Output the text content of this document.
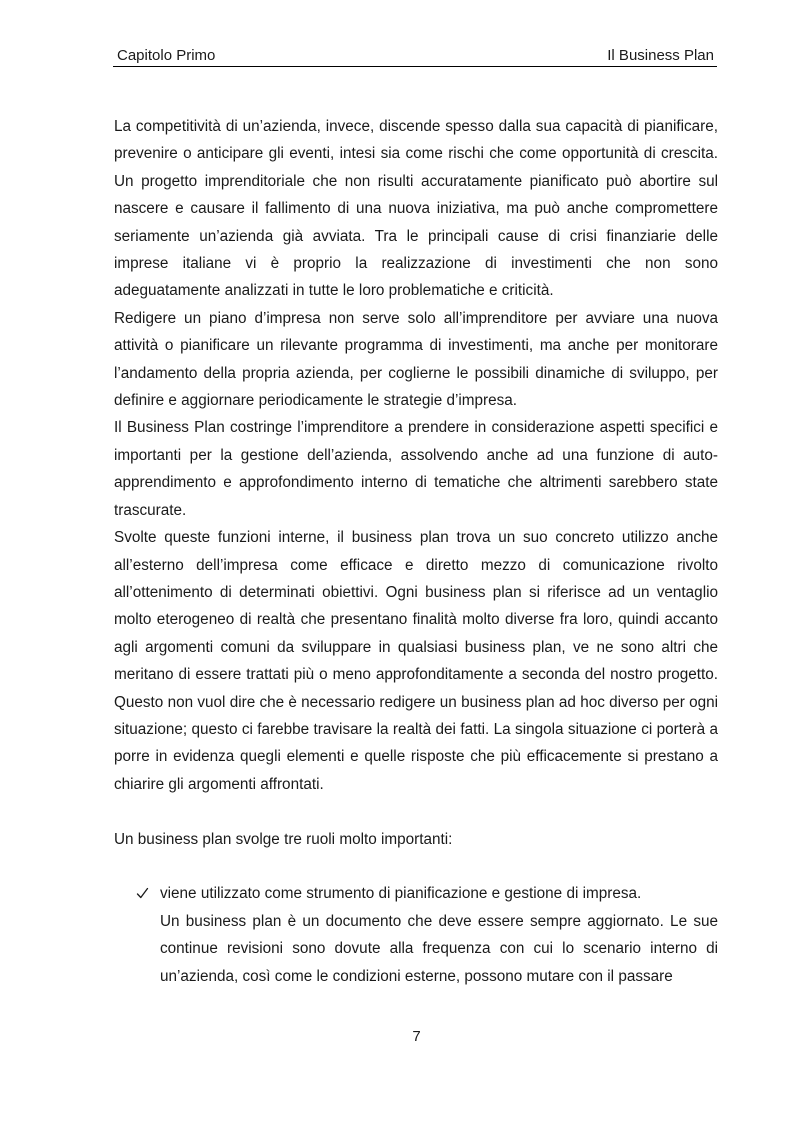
Capitolo Primo	Il Business Plan

La competitività di un’azienda, invece, discende spesso dalla sua capacità di pianificare, prevenire o anticipare gli eventi, intesi sia come rischi che come opportunità di crescita. Un progetto imprenditoriale che non risulti accuratamente pianificato può abortire sul nascere e causare il fallimento di una nuova iniziativa, ma può anche compromettere seriamente un’azienda già avviata. Tra le principali cause di crisi finanziarie delle imprese italiane vi è proprio la realizzazione di investimenti che non sono adeguatamente analizzati in tutte le loro problematiche e criticità.

Redigere un piano d’impresa non serve solo all’imprenditore per avviare una nuova attività o pianificare un rilevante programma di investimenti, ma anche per monitorare l’andamento della propria azienda, per coglierne le possibili dinamiche di sviluppo, per definire e aggiornare periodicamente le strategie d’impresa.

Il Business Plan costringe l’imprenditore a prendere in considerazione aspetti specifici e importanti per la gestione dell’azienda, assolvendo anche ad una funzione di auto-apprendimento e approfondimento interno di tematiche che altrimenti sarebbero state trascurate.

Svolte queste funzioni interne, il business plan trova un suo concreto utilizzo anche all’esterno dell’impresa come efficace e diretto mezzo di comunicazione rivolto all’ottenimento di determinati obiettivi. Ogni business plan si riferisce ad un ventaglio molto eterogeneo di realtà che presentano finalità molto diverse fra loro, quindi accanto agli argomenti comuni da sviluppare in qualsiasi business plan, ve ne sono altri che meritano di essere trattati più o meno approfonditamente a seconda del nostro progetto. Questo non vuol dire che è necessario redigere un business plan ad hoc diverso per ogni situazione; questo ci farebbe travisare la realtà dei fatti. La singola situazione ci porterà a porre in evidenza quegli elementi e quelle risposte che più efficacemente si prestano a chiarire gli argomenti affrontati.

Un business plan svolge tre ruoli molto importanti:

viene utilizzato come strumento di pianificazione e gestione di impresa.

Un business plan è un documento che deve essere sempre aggiornato. Le sue continue revisioni sono dovute alla frequenza con cui lo scenario interno di un’azienda, così come le condizioni esterne, possono mutare con il passare

7
